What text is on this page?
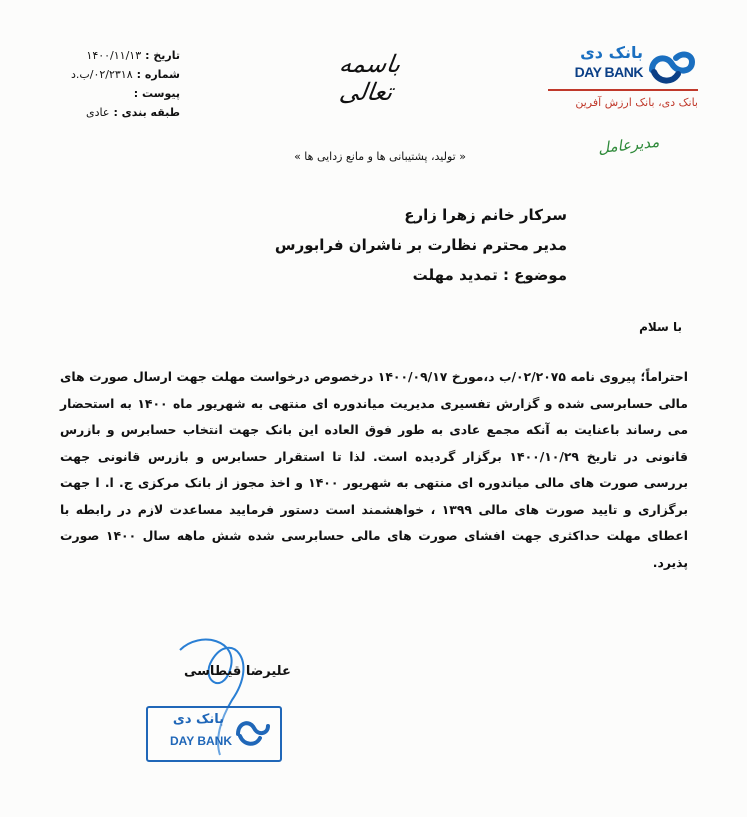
تاریخ :
۱۴۰۰/۱۱/۱۳
شماره :
۰۲/۲۳۱۸/ب.د
پیوست :
طبقه بندی :
عادی
باسمه تعالی
بانک دی
DAY BANK
بانک دی، بانک ارزش آفرین
مدیرعامل
« تولید، پشتیبانی ها و مانع زدایی ها »
سرکار خانم زهرا زارع
مدیر محترم نظارت بر ناشران فرابورس
موضوع : تمدید مهلت
با سلام
احتراماً؛ پیروی نامه ۰۲/۲۰۷۵/ب د،مورخ ۱۴۰۰/۰۹/۱۷ درخصوص درخواست مهلت جهت ارسال صورت های مالی حسابرسی شده و گزارش تفسیری مدیریت میاندوره ای منتهی به شهریور ماه ۱۴۰۰ به استحضار می رساند باعنایت به آنکه مجمع عادی به طور فوق العاده این بانک جهت انتخاب حسابرس و بازرس قانونی در تاریخ ۱۴۰۰/۱۰/۲۹ برگزار گردیده است. لذا تا استقرار حسابرس و بازرس قانونی جهت بررسی صورت های مالی میاندوره ای منتهی به شهریور ۱۴۰۰ و اخذ مجوز از بانک مرکزی ج. ا. ا جهت برگزاری و تایید صورت های مالی ۱۳۹۹ ، خواهشمند است دستور فرمایید مساعدت لازم در رابطه با اعطای مهلت حداکثری جهت افشای صورت های مالی حسابرسی شده شش ماهه سال ۱۴۰۰ صورت پذیرد.
علیرضا قیطاسی
بانک دی
DAY BANK
